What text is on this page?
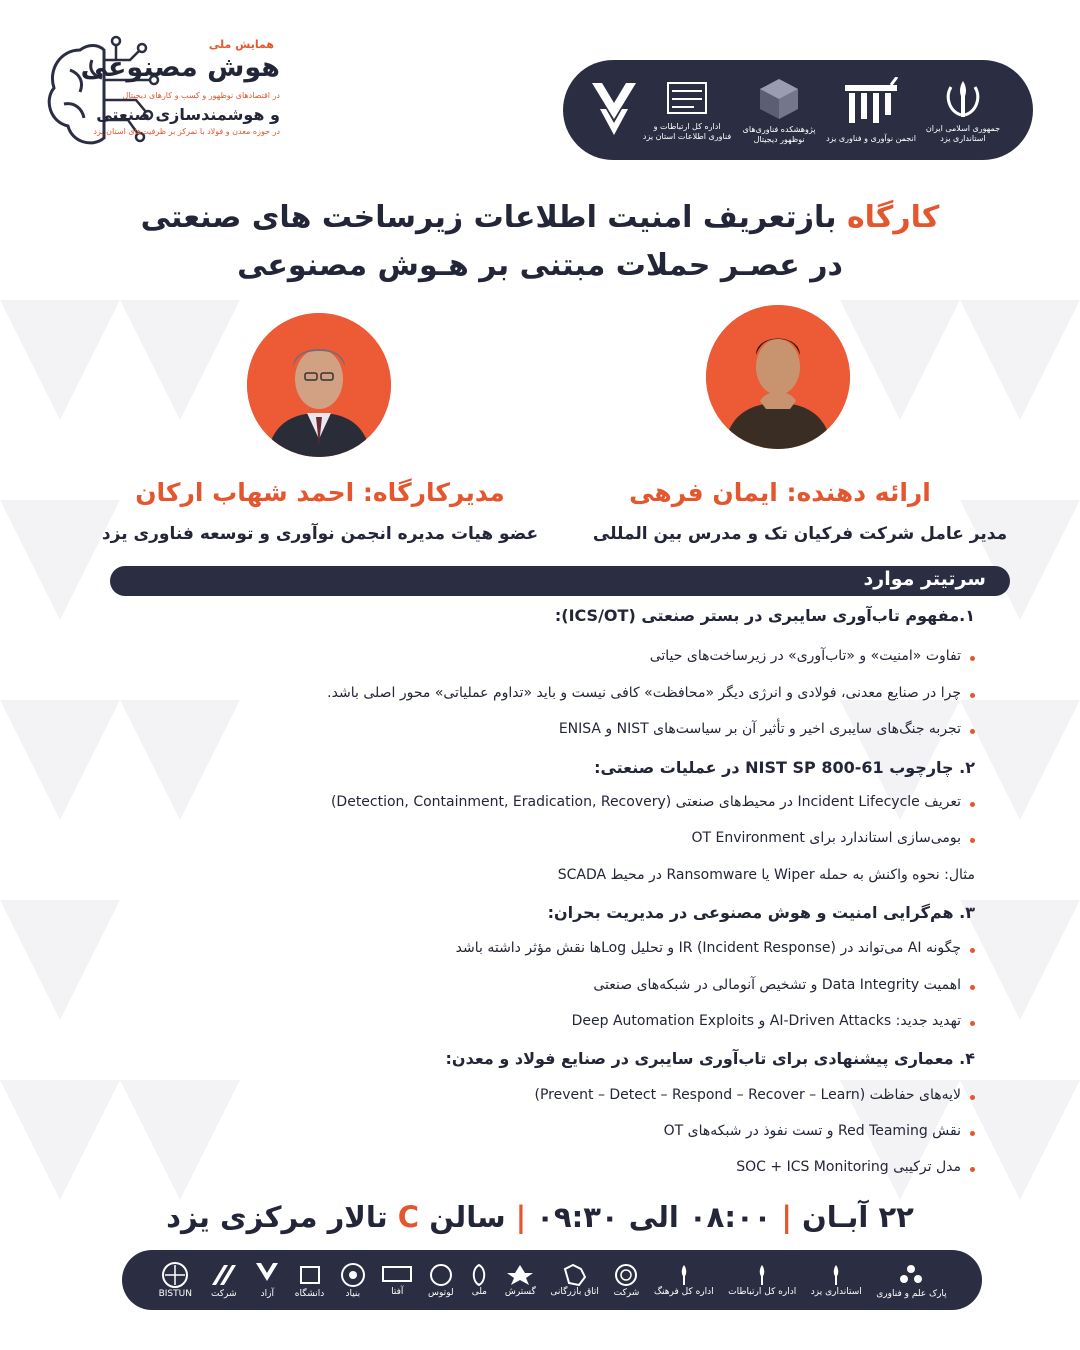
همایش ملی
هوش مصنوعی
در اقتصادهای نوظهور و کسب و کارهای دیجیتال
و هوشمندسازی صنعتی
در حوزه معدن و فولاد با تمرکز بر ظرفیت‌های استان یزد
اداره کل ارتباطات و فناوری اطلاعات استان یزد
پژوهشکده فناوری‌های نوظهور دیجیتال	انجمن نوآوری و فناوری یزد
جمهوری اسلامی ایران استانداری یزد
کارگاه بازتعریف امنیت اطلاعات زیرساخت های صنعتی
در عصـر حملات مبتنی بر هـوش مصنوعی
ارائه دهنده: ایمان فرهی
مدیر عامل شرکت فرکیان تک و مدرس بین المللی
مدیرکارگاه: احمد شهاب ارکان
عضو هیات مدیره انجمن نوآوری و توسعه فناوری یزد
سرتیتر موارد
۱.مفهوم تاب‌آوری سایبری در بستر صنعتی (ICS/OT):
تفاوت «امنیت» و «تاب‌آوری» در زیرساخت‌های حیاتی
چرا در صنایع معدنی، فولادی و انرژی دیگر «محافظت» کافی نیست و باید «تداوم عملیاتی» محور اصلی باشد.
تجربه جنگ‌های سایبری اخیر و تأثیر آن بر سیاست‌های NIST و ENISA
۲. چارچوب NIST SP 800-61 در عملیات صنعتی:
تعریف Incident Lifecycle در محیط‌های صنعتی (Detection, Containment, Eradication, Recovery)
بومی‌سازی استاندارد برای OT Environment
مثال: نحوه واکنش به حمله Wiper یا Ransomware در محیط SCADA
۳. هم‌گرایی امنیت و هوش مصنوعی در مدیریت بحران:
چگونه AI می‌تواند در IR (Incident Response) و تحلیل Logها نقش مؤثر داشته باشد
اهمیت Data Integrity و تشخیص آنومالی در شبکه‌های صنعتی
تهدید جدید: AI-Driven Attacks و Deep Automation Exploits
۴. معماری پیشنهادی برای تاب‌آوری سایبری در صنایع فولاد و معدن:
لایه‌های حفاظت (Prevent – Detect – Respond – Recover – Learn)
نقش Red Teaming و تست نفوذ در شبکه‌های OT
مدل ترکیبی SOC + ICS Monitoring
۲۲ آبـان|۰۸:۰۰ الی ۰۹:۳۰|سالن C تالار مرکزی یزد
BISTUN شرکت	آزاد دانشگاه بنیاد	آفتا	لوتوس ملی گسترش اتاق بازرگانی شرکت اداره کل فرهنگ اداره کل ارتباطات استانداری یزد پارک علم و فناوری
